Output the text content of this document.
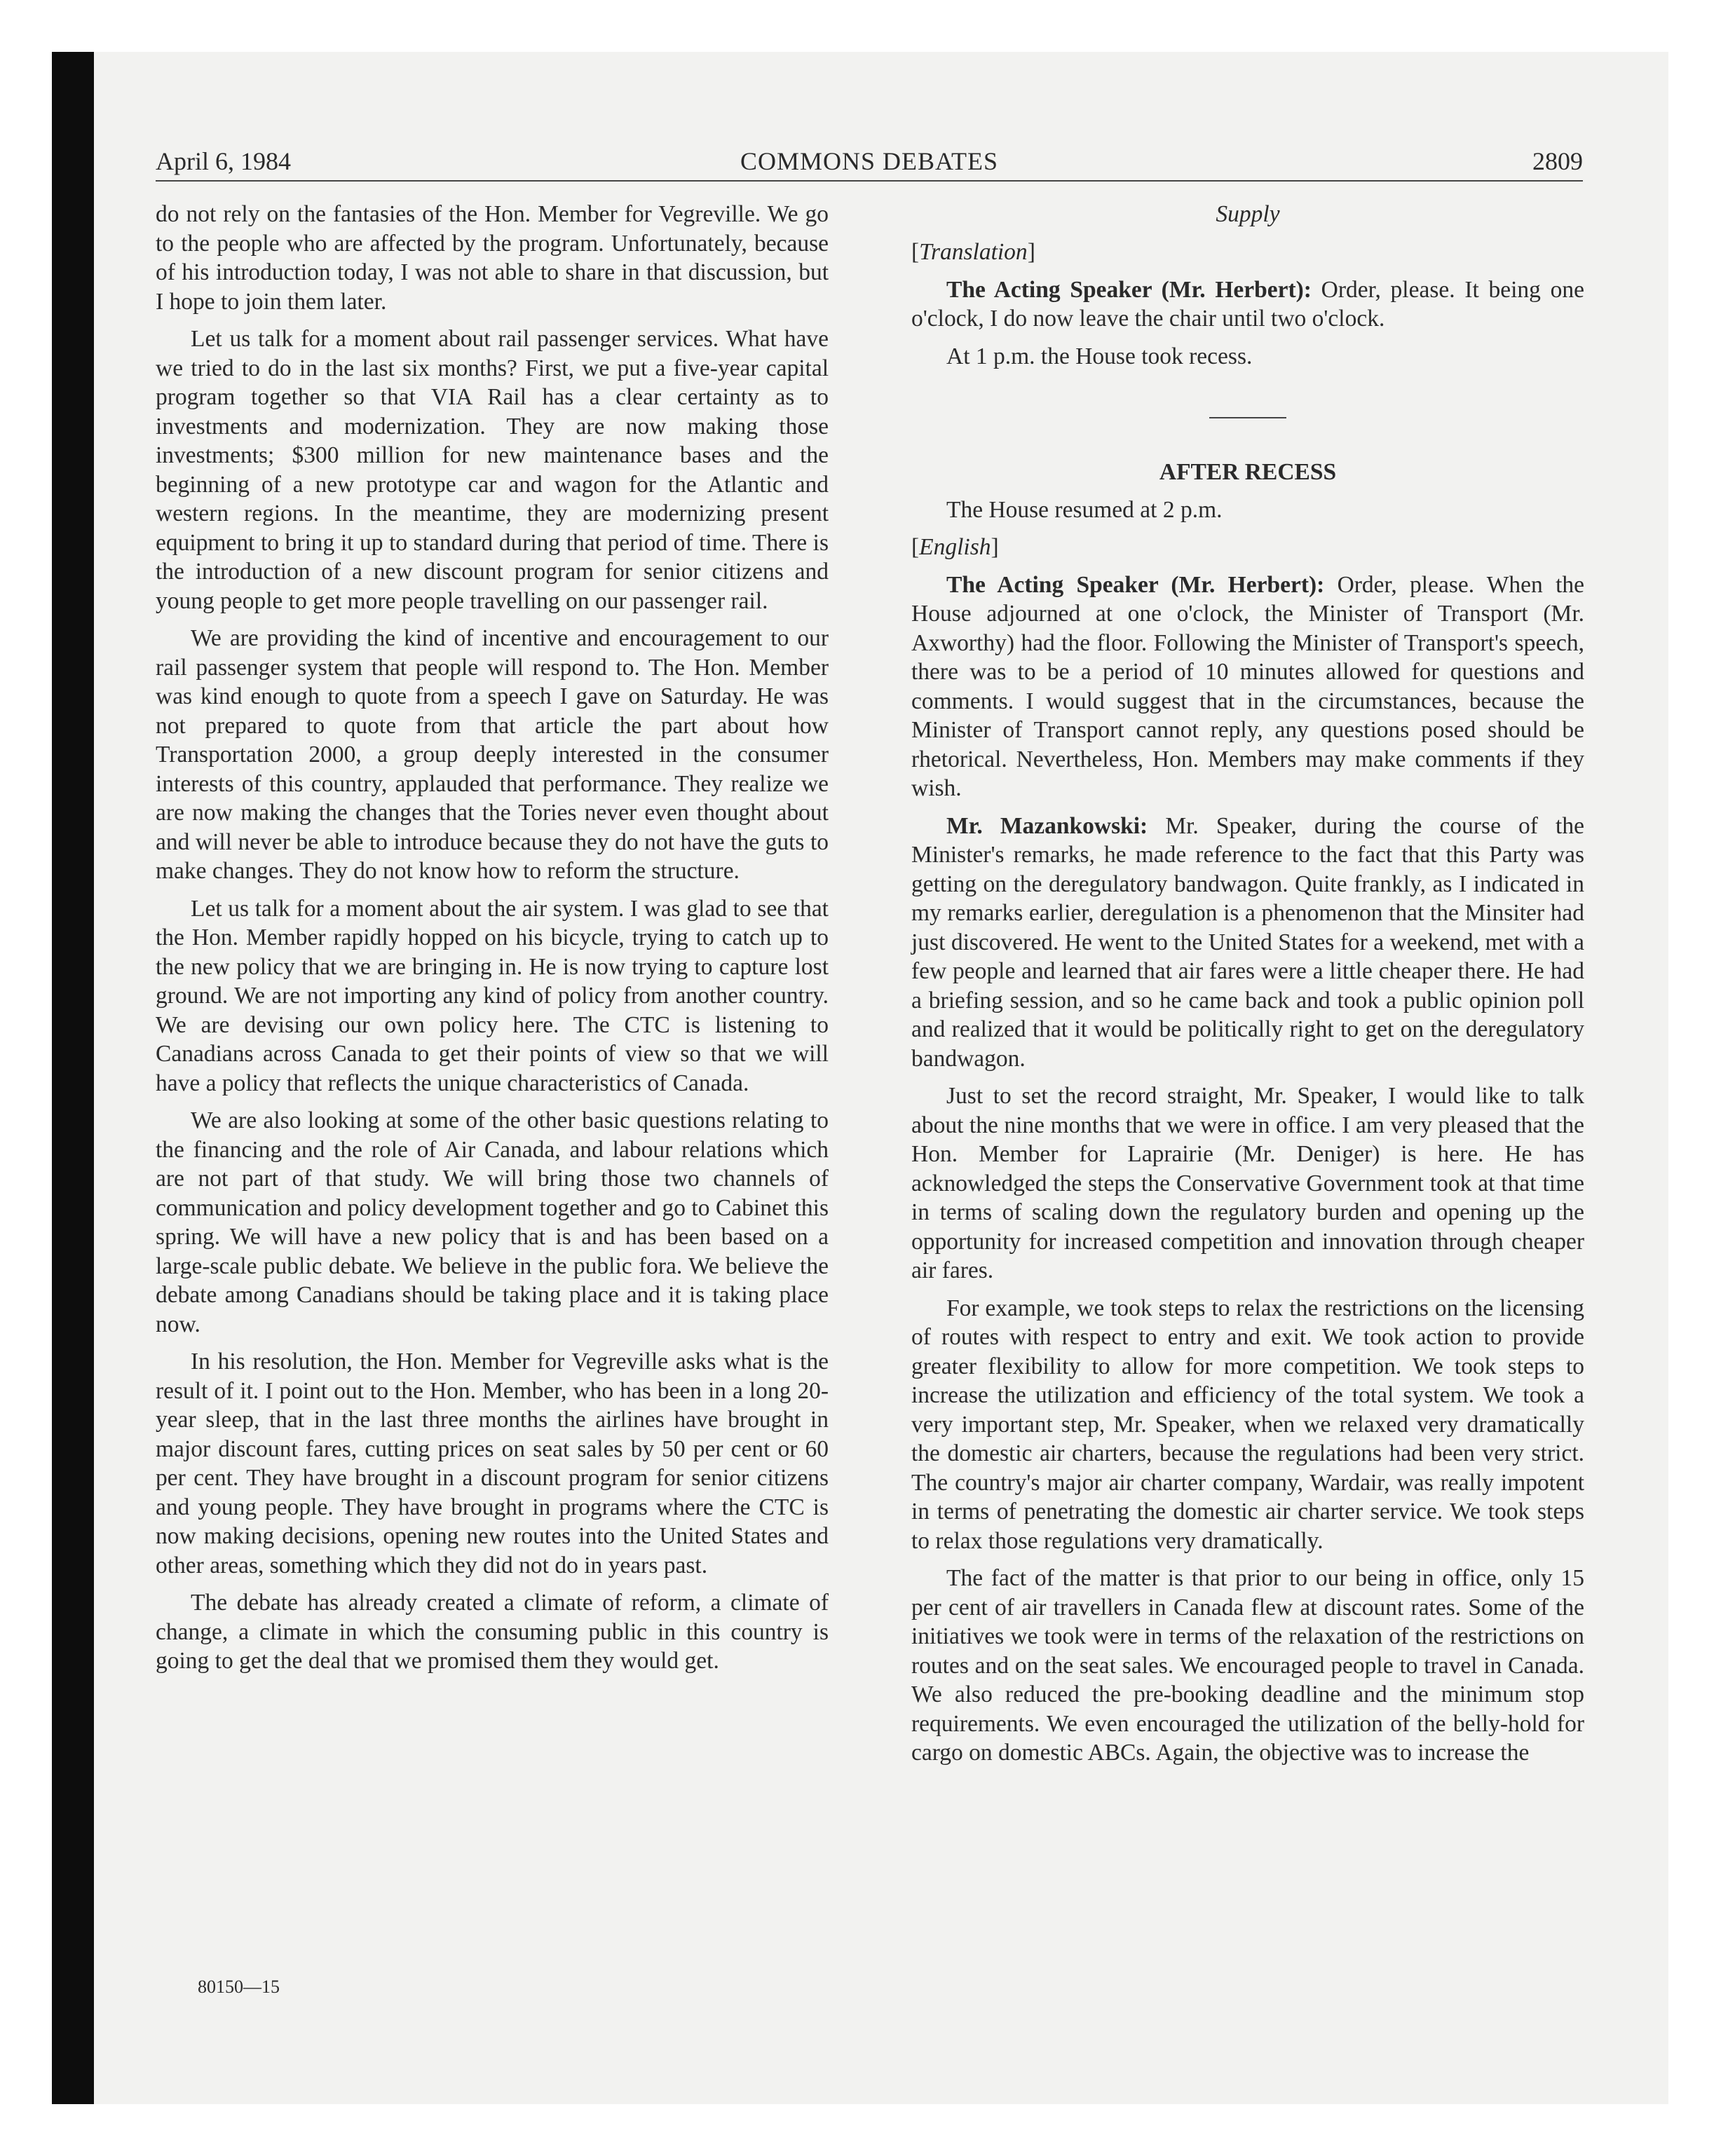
COMMONS DEBATES
April 6, 1984	2809

do not rely on the fantasies of the Hon. Member for Vegreville. We go to the people who are affected by the program. Unfortunately, because of his introduction today, I was not able to share in that discussion, but I hope to join them later.

Let us talk for a moment about rail passenger services. What have we tried to do in the last six months? First, we put a five-year capital program together so that VIA Rail has a clear certainty as to investments and modernization. They are now making those investments; $300 million for new maintenance bases and the beginning of a new prototype car and wagon for the Atlantic and western regions. In the meantime, they are modernizing present equipment to bring it up to standard during that period of time. There is the introduction of a new discount program for senior citizens and young people to get more people travelling on our passenger rail.

We are providing the kind of incentive and encouragement to our rail passenger system that people will respond to. The Hon. Member was kind enough to quote from a speech I gave on Saturday. He was not prepared to quote from that article the part about how Transportation 2000, a group deeply interested in the consumer interests of this country, applauded that performance. They realize we are now making the changes that the Tories never even thought about and will never be able to introduce because they do not have the guts to make changes. They do not know how to reform the structure.

Let us talk for a moment about the air system. I was glad to see that the Hon. Member rapidly hopped on his bicycle, trying to catch up to the new policy that we are bringing in. He is now trying to capture lost ground. We are not importing any kind of policy from another country. We are devising our own policy here. The CTC is listening to Canadians across Canada to get their points of view so that we will have a policy that reflects the unique characteristics of Canada.

We are also looking at some of the other basic questions relating to the financing and the role of Air Canada, and labour relations which are not part of that study. We will bring those two channels of communication and policy development together and go to Cabinet this spring. We will have a new policy that is and has been based on a large-scale public debate. We believe in the public fora. We believe the debate among Canadians should be taking place and it is taking place now.

In his resolution, the Hon. Member for Vegreville asks what is the result of it. I point out to the Hon. Member, who has been in a long 20-year sleep, that in the last three months the airlines have brought in major discount fares, cutting prices on seat sales by 50 per cent or 60 per cent. They have brought in a discount program for senior citizens and young people. They have brought in programs where the CTC is now making decisions, opening new routes into the United States and other areas, something which they did not do in years past.

The debate has already created a climate of reform, a climate of change, a climate in which the consuming public in this country is going to get the deal that we promised them they would get.

Supply
[Translation]

The Acting Speaker (Mr. Herbert): Order, please. It being one o'clock, I do now leave the chair until two o'clock.

At 1 p.m. the House took recess.

AFTER RECESS

The House resumed at 2 p.m.

[English]

The Acting Speaker (Mr. Herbert): Order, please. When the House adjourned at one o'clock, the Minister of Transport (Mr. Axworthy) had the floor. Following the Minister of Transport's speech, there was to be a period of 10 minutes allowed for questions and comments. I would suggest that in the circumstances, because the Minister of Transport cannot reply, any questions posed should be rhetorical. Nevertheless, Hon. Members may make comments if they wish.

Mr. Mazankowski: Mr. Speaker, during the course of the Minister's remarks, he made reference to the fact that this Party was getting on the deregulatory bandwagon. Quite frankly, as I indicated in my remarks earlier, deregulation is a phenomenon that the Minsiter had just discovered. He went to the United States for a weekend, met with a few people and learned that air fares were a little cheaper there. He had a briefing session, and so he came back and took a public opinion poll and realized that it would be politically right to get on the deregulatory bandwagon.

Just to set the record straight, Mr. Speaker, I would like to talk about the nine months that we were in office. I am very pleased that the Hon. Member for Laprairie (Mr. Deniger) is here. He has acknowledged the steps the Conservative Government took at that time in terms of scaling down the regulatory burden and opening up the opportunity for increased competition and innovation through cheaper air fares.

For example, we took steps to relax the restrictions on the licensing of routes with respect to entry and exit. We took action to provide greater flexibility to allow for more competition. We took steps to increase the utilization and efficiency of the total system. We took a very important step, Mr. Speaker, when we relaxed very dramatically the domestic air charters, because the regulations had been very strict. The country's major air charter company, Wardair, was really impotent in terms of penetrating the domestic air charter service. We took steps to relax those regulations very dramatically.

The fact of the matter is that prior to our being in office, only 15 per cent of air travellers in Canada flew at discount rates. Some of the initiatives we took were in terms of the relaxation of the restrictions on routes and on the seat sales. We encouraged people to travel in Canada. We also reduced the pre-booking deadline and the minimum stop requirements. We even encouraged the utilization of the belly-hold for cargo on domestic ABCs. Again, the objective was to increase the

80150—15
